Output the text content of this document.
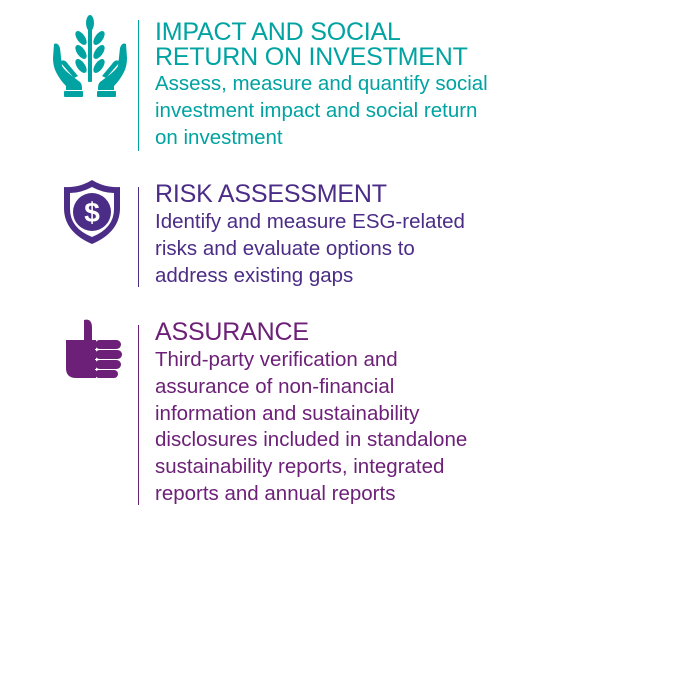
IMPACT AND SOCIAL
RETURN ON INVESTMENT

Assess, measure and quantify social
investment impact and social return
on investment

$

RISK ASSESSMENT

Identify and measure ESG-related
risks and evaluate options to
address existing gaps

ASSURANCE

Third-party verification and
assurance of non-financial
information and sustainability
disclosures included in standalone
sustainability reports, integrated
reports and annual reports
